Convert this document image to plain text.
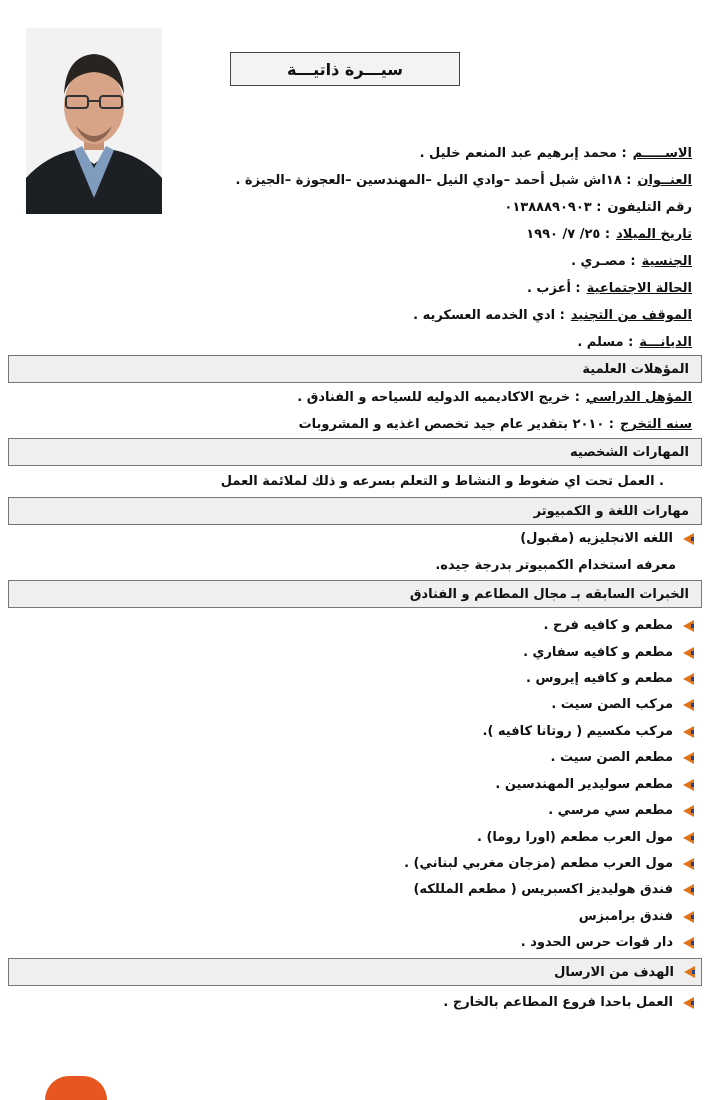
سيـــرة ذاتيـــة
الاســـــم: محمد إبرهيم عبد المنعم خليل .
العنــوان: ١٨اش شبل أحمد –وادي النيل –المهندسين –العجوزة –الجيزة .
رقم التليفون: ٠١٣٨٨٨٩٠٩٠٣
تاريخ الميلاد: ٢٥/ ٧/ ١٩٩٠
الجنسية: مصـري .
الحالة الاجتماعية: أعزب .
الموقف من التجنيد: ادي الخدمه العسكريه .
الديانـــة: مسلم .
المؤهلات العلمية
المؤهل الدراسي: خريج الاكاديميه الدوليه للسياحه و الفنادق .
سنه التخرج: ٢٠١٠ بتقدير عام جيد تخصص اغذيه و المشروبات
المهارات الشخصيه
. العمل تحت اي ضغوط و النشاط و التعلم بسرعه و ذلك لملائمة العمل
مهارات اللغة و الكمبيوتر
اللغه الانجليزيه (مقبول)
معرفه استخدام الكمبيوتر بدرجة جيده.
الخبرات السابقه بـ مجال المطاعم و الفنادق
مطعم و كافيه فرح .
مطعم و كافيه سفاري .
مطعم و كافيه إيروس .
مركب الصن سيت .
مركب مكسيم ( روتانا كافيه ).
مطعم الصن سيت .
مطعم سوليدير المهندسين .
مطعم سي مرسي .
مول العرب مطعم (اورا روما) .
مول العرب مطعم (مزجان مغربي لبناني) .
فندق هوليديز اكسبريس ( مطعم المللكه)
فندق برامبزس
دار قوات حرس الحدود .
الهدف من الارسال
العمل باحدا فروع المطاعم بالخارج .
